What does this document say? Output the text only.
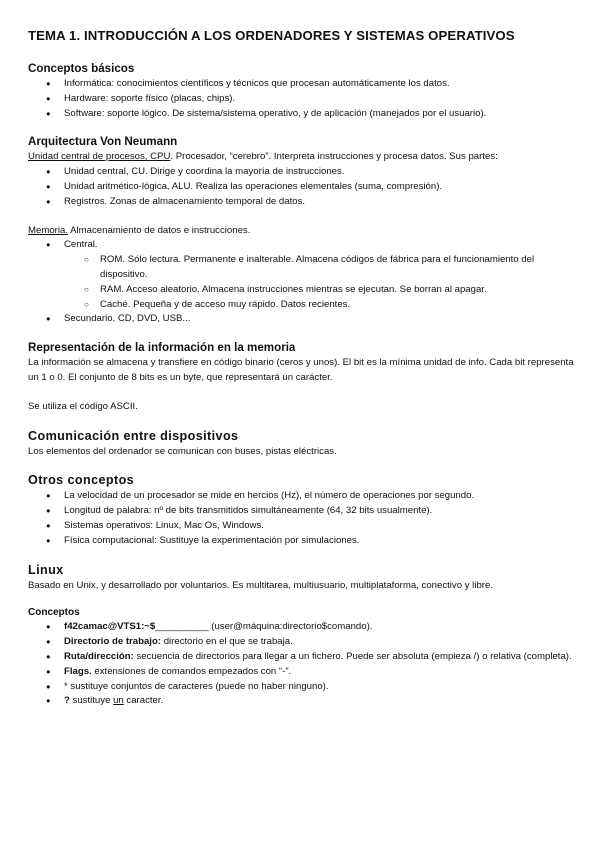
TEMA 1. INTRODUCCIÓN A LOS ORDENADORES Y SISTEMAS OPERATIVOS
Conceptos básicos
● Informática: conocimientos científicos y técnicos que procesan automáticamente los datos.
● Hardware: soporte físico (placas, chips).
● Software: soporte lógico. De sistema/sistema operativo, y de aplicación (manejados por el usuario).
Arquitectura Von Neumann

Unidad central de procesos, CPU. Procesador, “cerebro”. Interpreta instrucciones y procesa datos. Sus partes:

● Unidad central, CU. Dirige y coordina la mayoría de instrucciones.
● Unidad aritmético-lógica, ALU. Realiza las operaciones elementales (suma, compresión).
● Registros. Zonas de almacenamiento temporal de datos.

Memoria. Almacenamiento de datos e instrucciones.

● Central.
○ ROM. Sólo lectura. Permanente e inalterable. Almacena códigos de fábrica para el funcionamiento del dispositivo.
○ RAM. Acceso aleatorio. Almacena instrucciones mientras se ejecutan. Se borran al apagar.
○ Caché. Pequeña y de acceso muy rápido. Datos recientes.
● Secundario. CD, DVD, USB...
Representación de la información en la memoria

La información se almacena y transfiere en código binario (ceros y unos). El bit es la mínima unidad de info. Cada bit representa un 1 o 0. El conjunto de 8 bits es un byte, que representará un carácter.

Se utiliza el código ASCII.

Comunicación entre dispositivos

Los elementos del ordenador se comunican con buses, pistas eléctricas.

Otros conceptos
● La velocidad de un procesador se mide en hercios (Hz), el número de operaciones por segundo.
● Longitud de palabra: nº de bits transmitidos simultáneamente (64, 32 bits usualmente).
● Sistemas operativos: Linux, Mac Os, Windows.
● Física computacional: Sustituye la experimentación por simulaciones.
Linux

Basado en Unix, y desarrollado por voluntarios. Es multitarea, multiusuario, multiplataforma, conectivo y libre.

Conceptos
● f42camac@VTS1:~$__________ (user@máquina:directorio$comando).
● Directorio de trabajo: directorio en el que se trabaja.
● Ruta/dirección: secuencia de directorios para llegar a un fichero. Puede ser absoluta (empieza /) o relativa (completa).
● Flags. extensiones de comandos empezados con “-”.
● * sustituye conjuntos de caracteres (puede no haber ninguno).
● ? sustituye un caracter.
